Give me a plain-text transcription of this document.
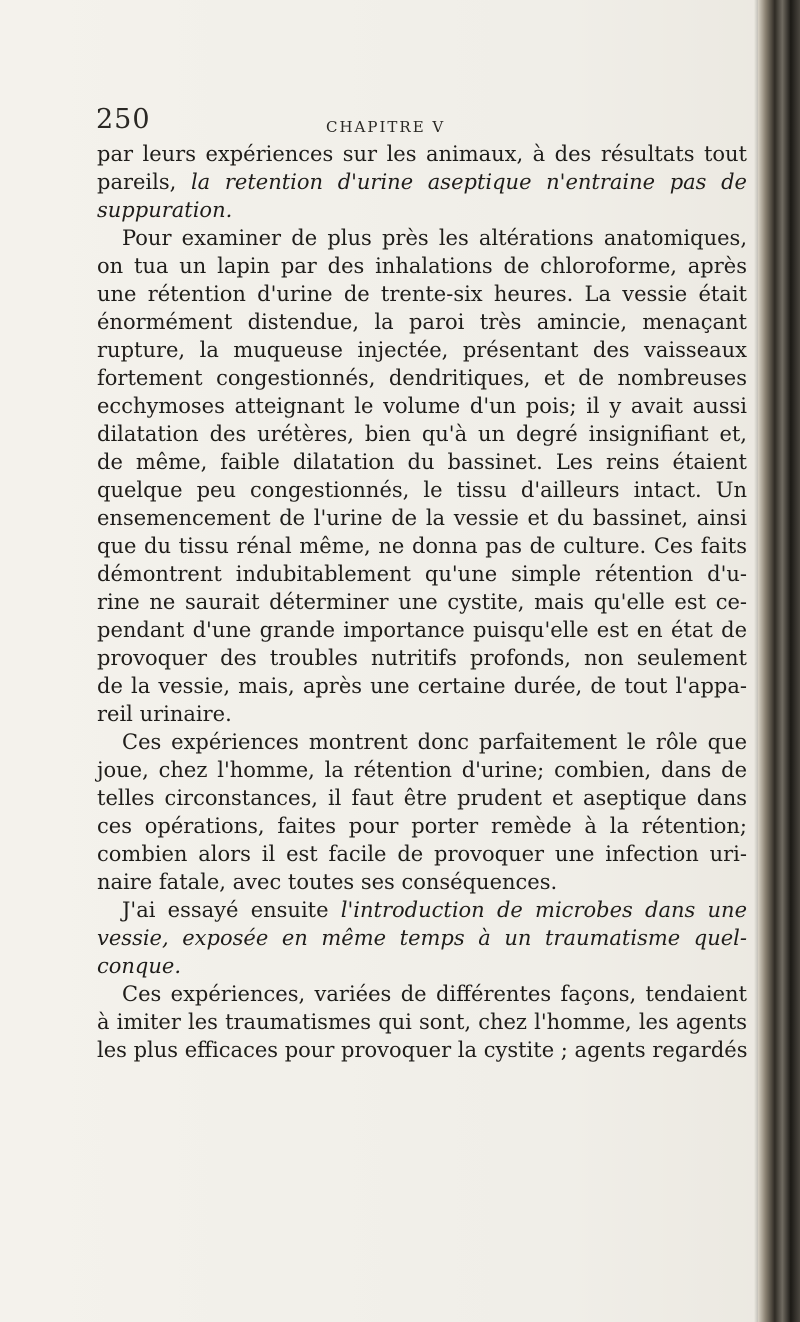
250	CHAPITRE V
par leurs expériences sur les animaux, à des résultats tout
pareils, la retention d'urine aseptique n'entraine pas de
suppuration.
Pour examiner de plus près les altérations anatomiques,
on tua un lapin par des inhalations de chloroforme, après
une rétention d'urine de trente-six heures. La vessie était
énormément distendue, la paroi très amincie, menaçant
rupture, la muqueuse injectée, présentant des vaisseaux
fortement congestionnés, dendritiques, et de nombreuses
ecchymoses atteignant le volume d'un pois; il y avait aussi
dilatation des urétères, bien qu'à un degré insignifiant et,
de même, faible dilatation du bassinet. Les reins étaient
quelque peu congestionnés, le tissu d'ailleurs intact. Un
ensemencement de l'urine de la vessie et du bassinet, ainsi
que du tissu rénal même, ne donna pas de culture. Ces faits
démontrent indubitablement qu'une simple rétention d'u-
rine ne saurait déterminer une cystite, mais qu'elle est ce-
pendant d'une grande importance puisqu'elle est en état de
provoquer des troubles nutritifs profonds, non seulement
de la vessie, mais, après une certaine durée, de tout l'appa-
reil urinaire.
Ces expériences montrent donc parfaitement le rôle que
joue, chez l'homme, la rétention d'urine; combien, dans de
telles circonstances, il faut être prudent et aseptique dans
ces opérations, faites pour porter remède à la rétention;
combien alors il est facile de provoquer une infection uri-
naire fatale, avec toutes ses conséquences.
J'ai essayé ensuite l'introduction de microbes dans une
vessie, exposée en même temps à un traumatisme quel-
conque.
Ces expériences, variées de différentes façons, tendaient
à imiter les traumatismes qui sont, chez l'homme, les agents
les plus efficaces pour provoquer la cystite ; agents regardés
